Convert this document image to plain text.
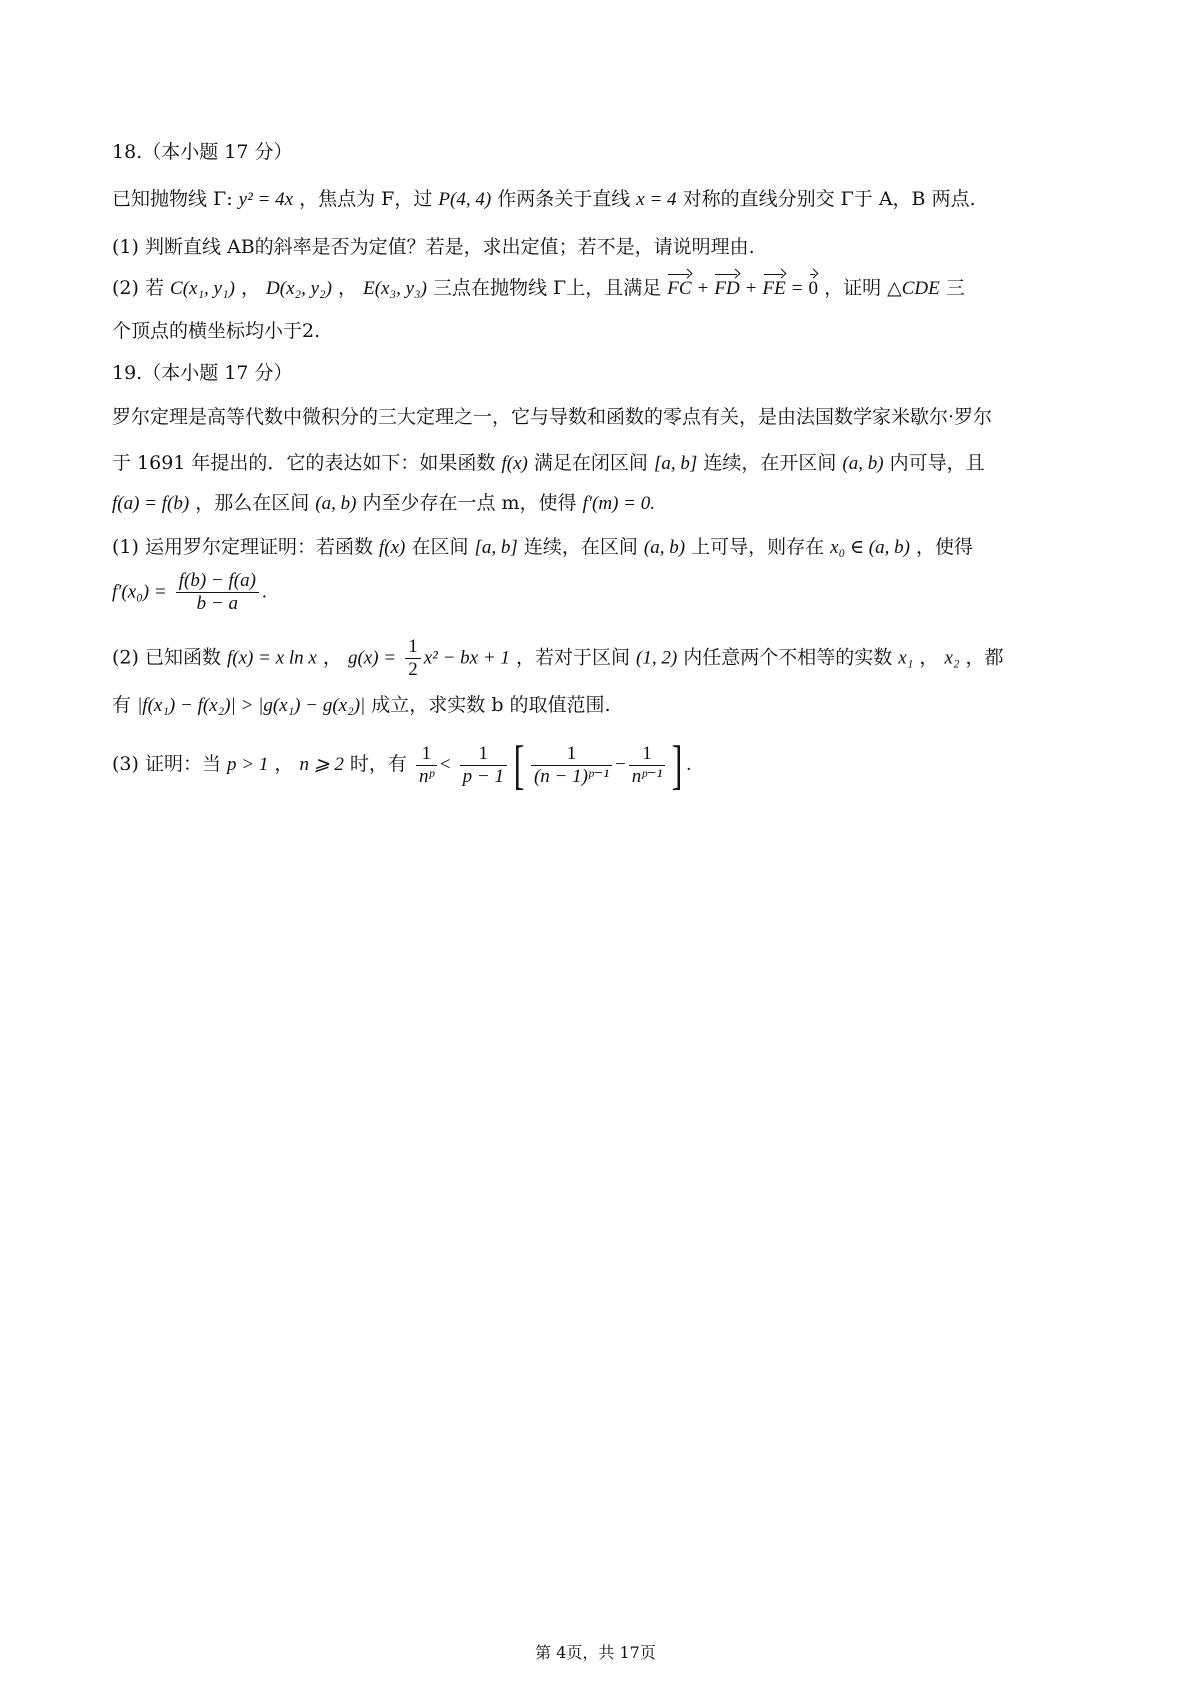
18.（本小题 17 分）
已知抛物线 Γ: y² = 4x ，焦点为 F，过 P(4, 4) 作两条关于直线 x = 4 对称的直线分别交 Γ于 A，B 两点.
(1) 判断直线 AB的斜率是否为定值？若是，求出定值；若不是，请说明理由.
(2) 若 C(x₁, y₁) ， D(x₂, y₂) ， E(x₃, y₃) 三点在抛物线 Γ上，且满足 FC + FD + FE = 0 ，证明 △CDE 三
个顶点的横坐标均小于2.
19.（本小题 17 分）
罗尔定理是高等代数中微积分的三大定理之一，它与导数和函数的零点有关，是由法国数学家米歇尔·罗尔
于 1691 年提出的．它的表达如下：如果函数 f(x) 满足在闭区间 [a, b] 连续，在开区间 (a, b) 内可导，且
f(a) = f(b) ，那么在区间 (a, b) 内至少存在一点 m，使得 f′(m) = 0.
(1) 运用罗尔定理证明：若函数 f(x) 在区间 [a, b] 连续，在区间 (a, b) 上可导，则存在 x₀ ∈ (a, b) ，使得
$f'(x_0) = \frac{f(b) - f(a)}{b - a}$ .
(2) 已知函数 f(x) = x ln x ， $g(x) = \frac{1}{2} x^2$ − bx + 1 ，若对于区间 (1, 2) 内任意两个不相等的实数 x₁ ， x₂ ，都
有 |f(x₁) − f(x₂)| > |g(x₁) − g(x₂)| 成立，求实数 b 的取值范围.
(3) 证明：当 p > 1 ， n ⩾ 2 时，有 $\frac{1}{\text{nᵖ}} < \frac{1}{p - 1}$ [ $\frac{1}{\text{(n − 1)ᵖ⁻¹}} - \frac{1}{\text{nᵖ⁻¹}}$ ] .
第 4页，共 17页
